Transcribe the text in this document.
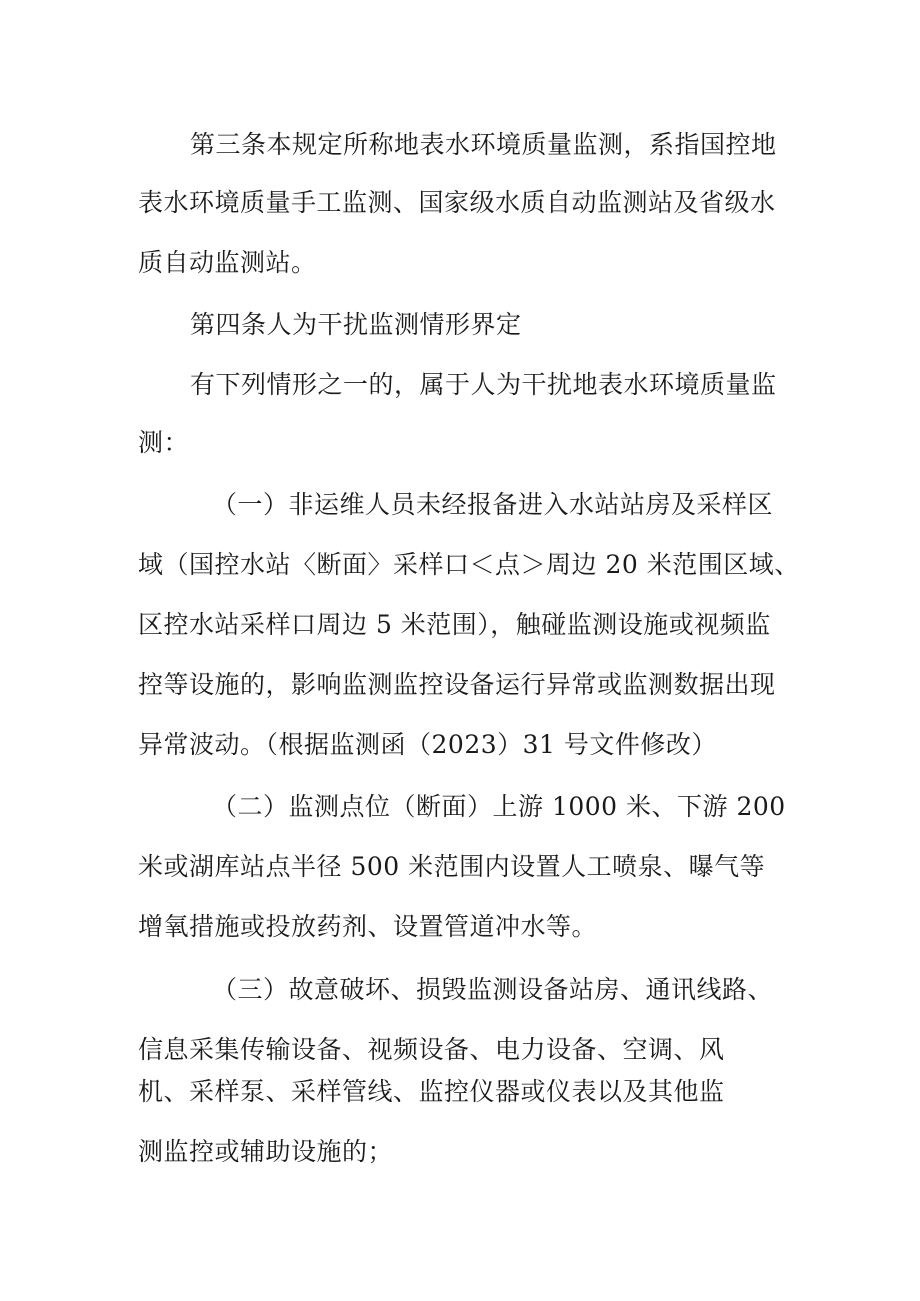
第三条本规定所称地表水环境质量监测，系指国控地
表水环境质量手工监测、国家级水质自动监测站及省级水
质自动监测站。
第四条人为干扰监测情形界定
有下列情形之一的，属于人为干扰地表水环境质量监
测：
（一）非运维人员未经报备进入水站站房及采样区
域（国控水站〈断面〉采样口＜点＞周边 20 米范围区域、
区控水站采样口周边 5 米范围），触碰监测设施或视频监
控等设施的，影响监测监控设备运行异常或监测数据出现
异常波动。（根据监测函（2023）31 号文件修改）
（二）监测点位（断面）上游 1000 米、下游 200
米或湖库站点半径 500 米范围内设置人工喷泉、曝气等
增氧措施或投放药剂、设置管道冲水等。
（三）故意破坏、损毁监测设备站房、通讯线路、
信息采集传输设备、视频设备、电力设备、空调、风
机、采样泵、采样管线、监控仪器或仪表以及其他监
测监控或辅助设施的；
